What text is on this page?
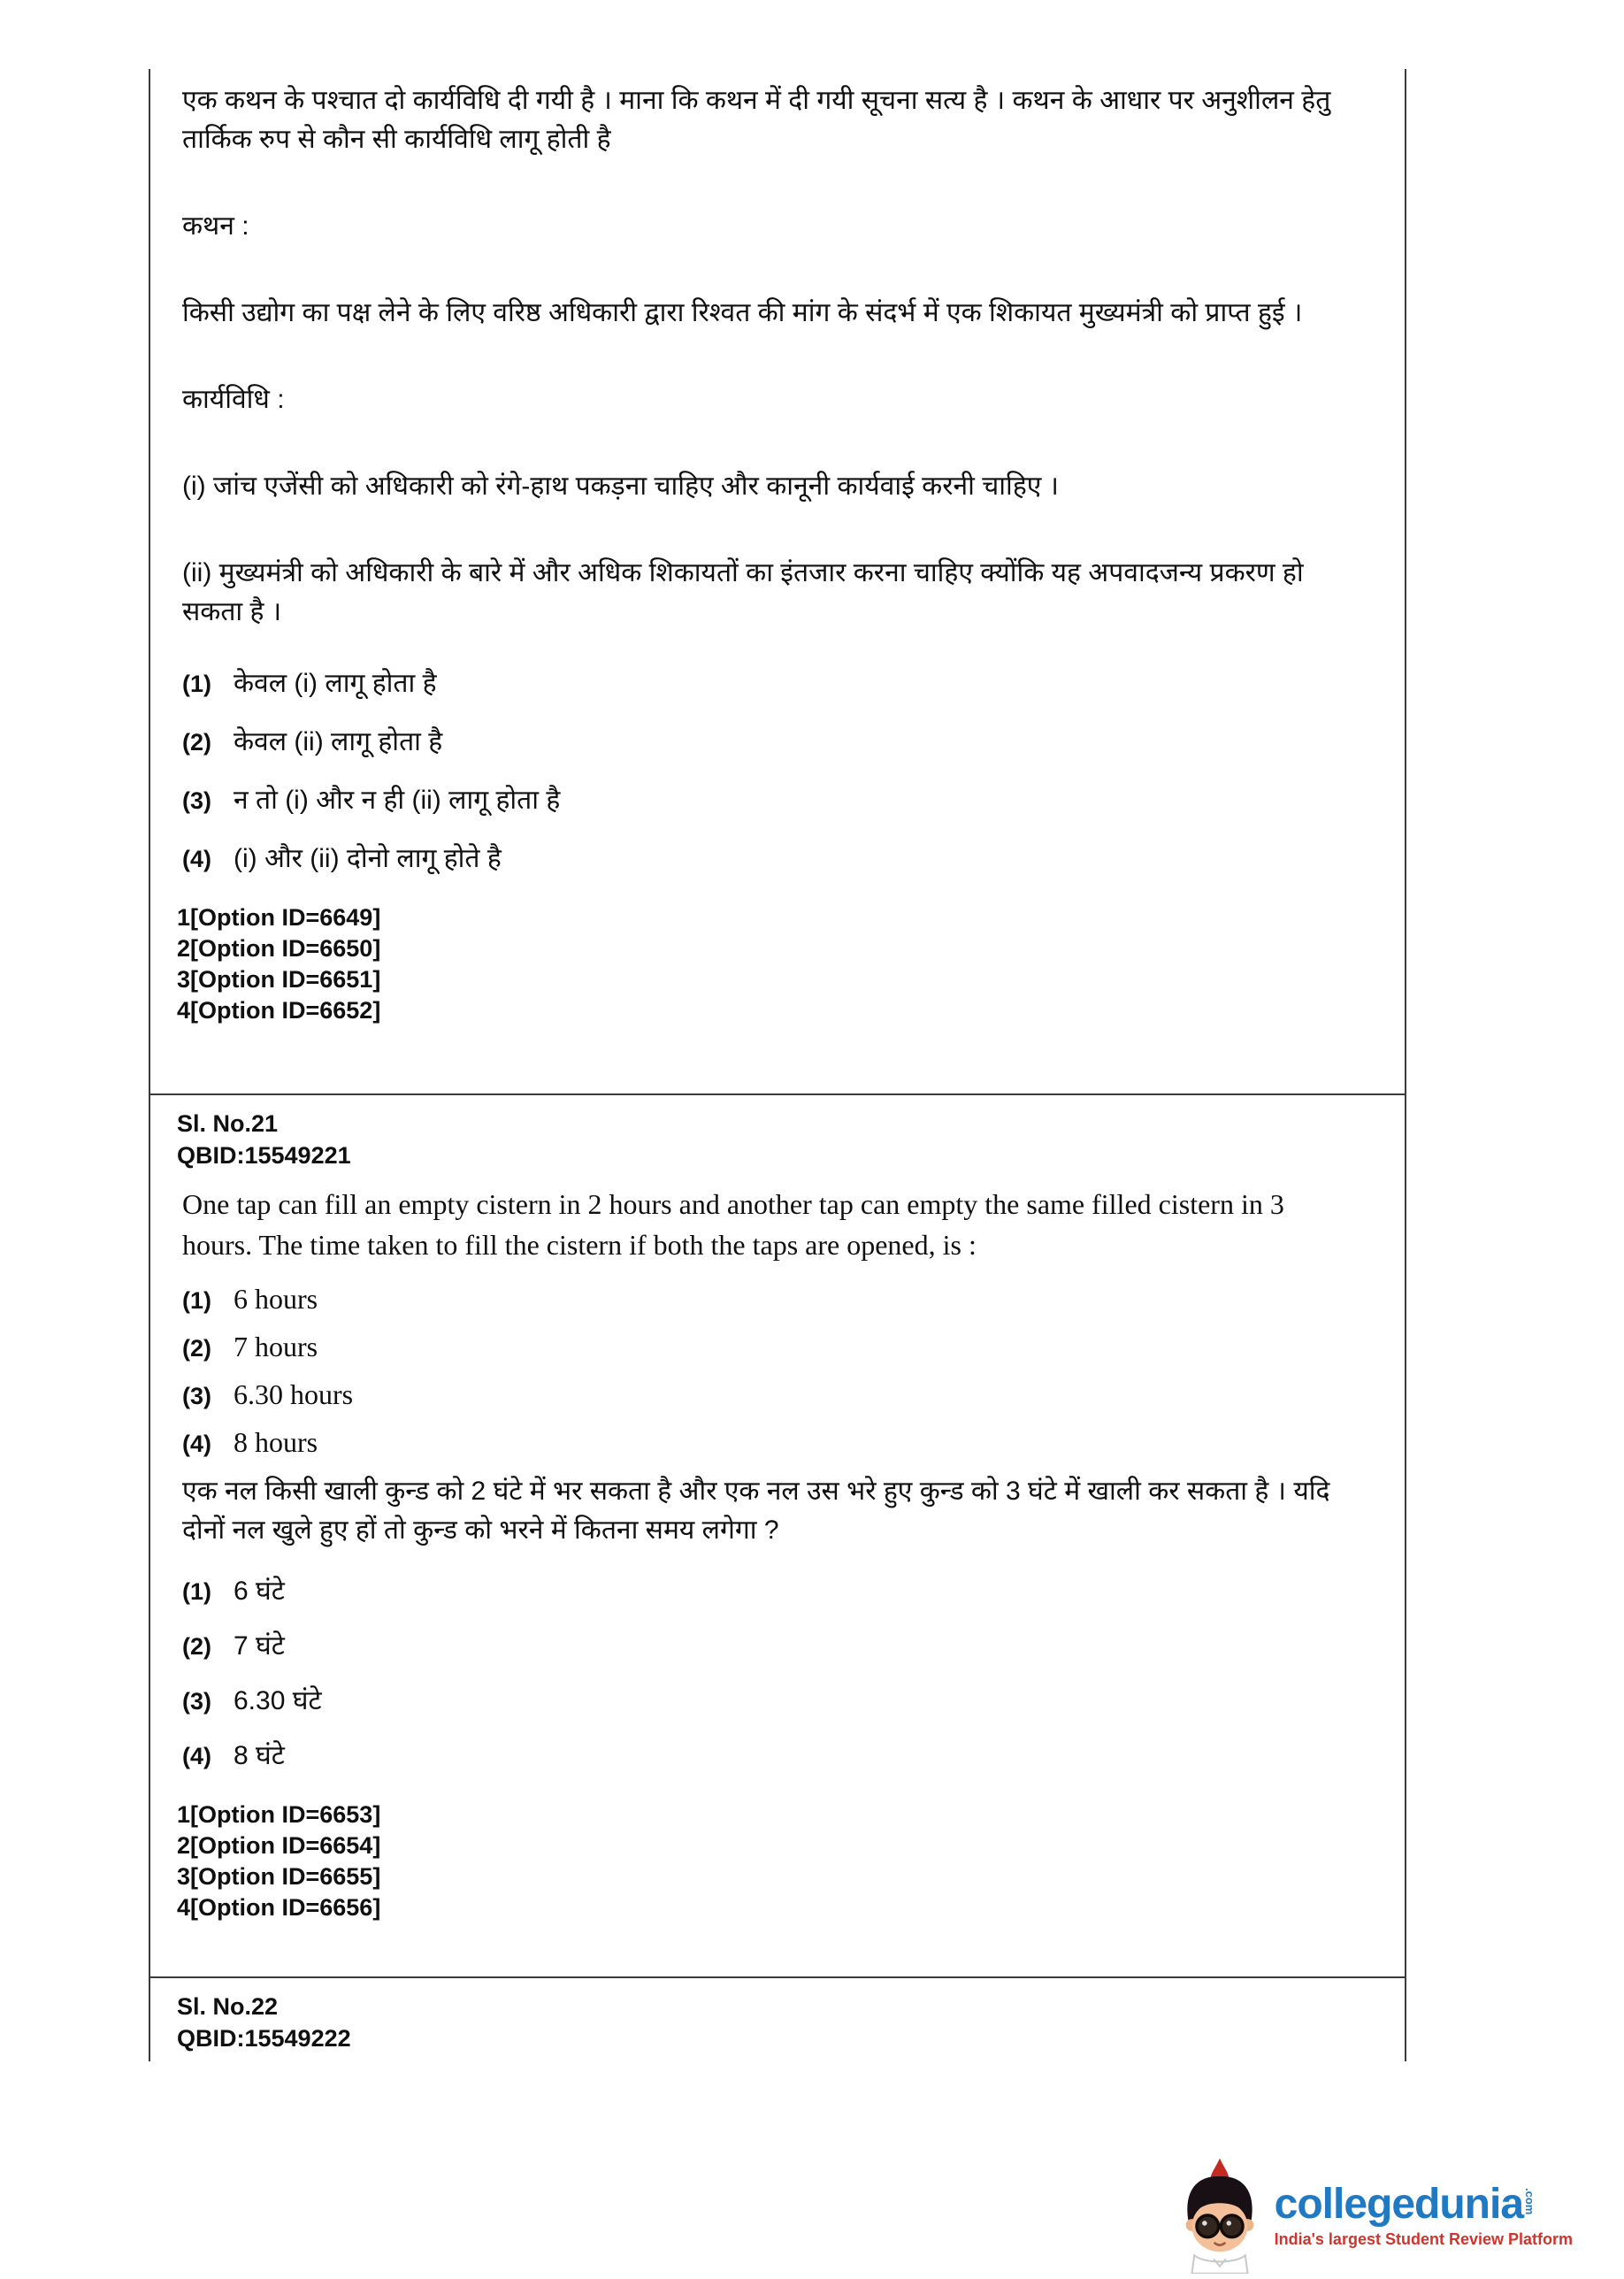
एक कथन के पश्चात दो कार्यविधि दी गयी है । माना कि कथन में दी गयी सूचना सत्य है । कथन के आधार पर अनुशीलन हेतु तार्किक रुप से कौन सी कार्यविधि लागू होती है

कथन :

किसी उद्योग का पक्ष लेने के लिए वरिष्ठ अधिकारी द्वारा रिश्वत की मांग के संदर्भ में एक शिकायत मुख्यमंत्री को प्राप्त हुई ।

कार्यविधि :

(i) जांच एजेंसी को अधिकारी को रंगे-हाथ पकड़ना चाहिए और कानूनी कार्यवाई करनी चाहिए ।

(ii) मुख्यमंत्री को अधिकारी के बारे में और अधिक शिकायतों का इंतजार करना चाहिए क्योंकि यह अपवादजन्य प्रकरण हो सकता है ।

(1) केवल (i) लागू होता है
(2) केवल (ii) लागू होता है
(3) न तो (i) और न ही (ii) लागू होता है
(4) (i) और (ii) दोनो लागू होते है
1[Option ID=6649]
2[Option ID=6650]
3[Option ID=6651]
4[Option ID=6652]
Sl. No.21
QBID:15549221

One tap can fill an empty cistern in 2 hours and another tap can empty the same filled cistern in 3 hours. The time taken to fill the cistern if both the taps are opened, is :

(1) 6 hours
(2) 7 hours
(3) 6.30 hours
(4) 8 hours

एक नल किसी खाली कुन्ड को 2 घंटे में भर सकता है और एक नल उस भरे हुए कुन्ड को 3 घंटे में खाली कर सकता है । यदि दोनों नल खुले हुए हों तो कुन्ड को भरने में कितना समय लगेगा ?

(1) 6 घंटे
(2) 7 घंटे
(3) 6.30 घंटे
(4) 8 घंटे
1[Option ID=6653]
2[Option ID=6654]
3[Option ID=6655]
4[Option ID=6656]
Sl. No.22
QBID:15549222
collegedunia .com
India's largest Student Review Platform
